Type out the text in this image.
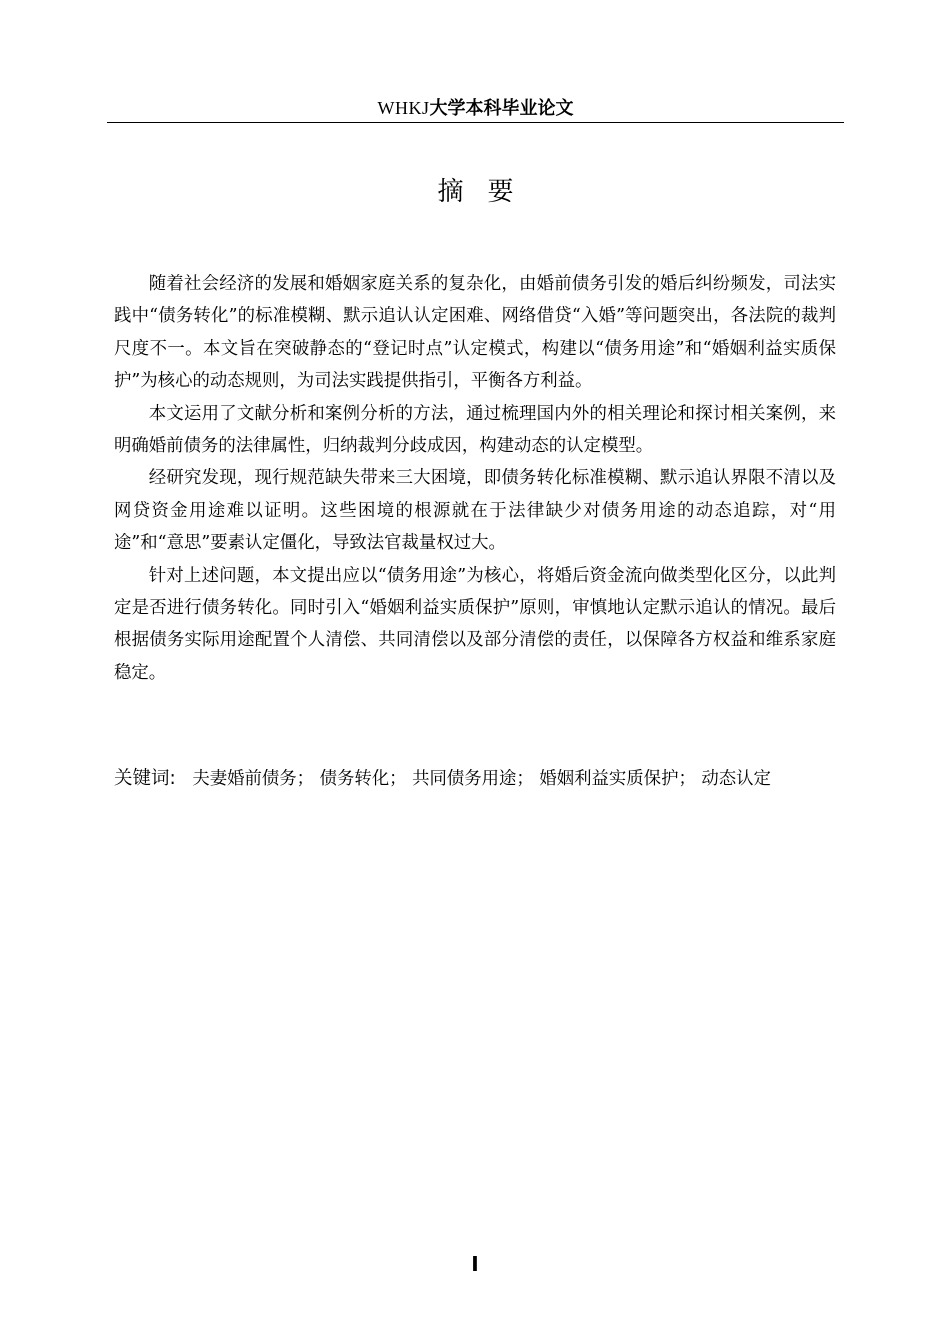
WHKJ大学本科毕业论文
摘要

随着社会经济的发展和婚姻家庭关系的复杂化，由婚前债务引发的婚后纠纷频发，司法实践中“债务转化”的标准模糊、默示追认认定困难、网络借贷“入婚”等问题突出，各法院的裁判尺度不一。本文旨在突破静态的“登记时点”认定模式，构建以“债务用途”和“婚姻利益实质保护”为核心的动态规则，为司法实践提供指引，平衡各方利益。

本文运用了文献分析和案例分析的方法，通过梳理国内外的相关理论和探讨相关案例，来明确婚前债务的法律属性，归纳裁判分歧成因，构建动态的认定模型。

经研究发现，现行规范缺失带来三大困境，即债务转化标准模糊、默示追认界限不清以及网贷资金用途难以证明。这些困境的根源就在于法律缺少对债务用途的动态追踪，对“用途”和“意思”要素认定僵化，导致法官裁量权过大。

针对上述问题，本文提出应以“债务用途”为核心，将婚后资金流向做类型化区分，以此判定是否进行债务转化。同时引入“婚姻利益实质保护”原则，审慎地认定默示追认的情况。最后根据债务实际用途配置个人清偿、共同清偿以及部分清偿的责任，以保障各方权益和维系家庭稳定。

关键词: 夫妻婚前债务； 债务转化； 共同债务用途； 婚姻利益实质保护； 动态认定
I
